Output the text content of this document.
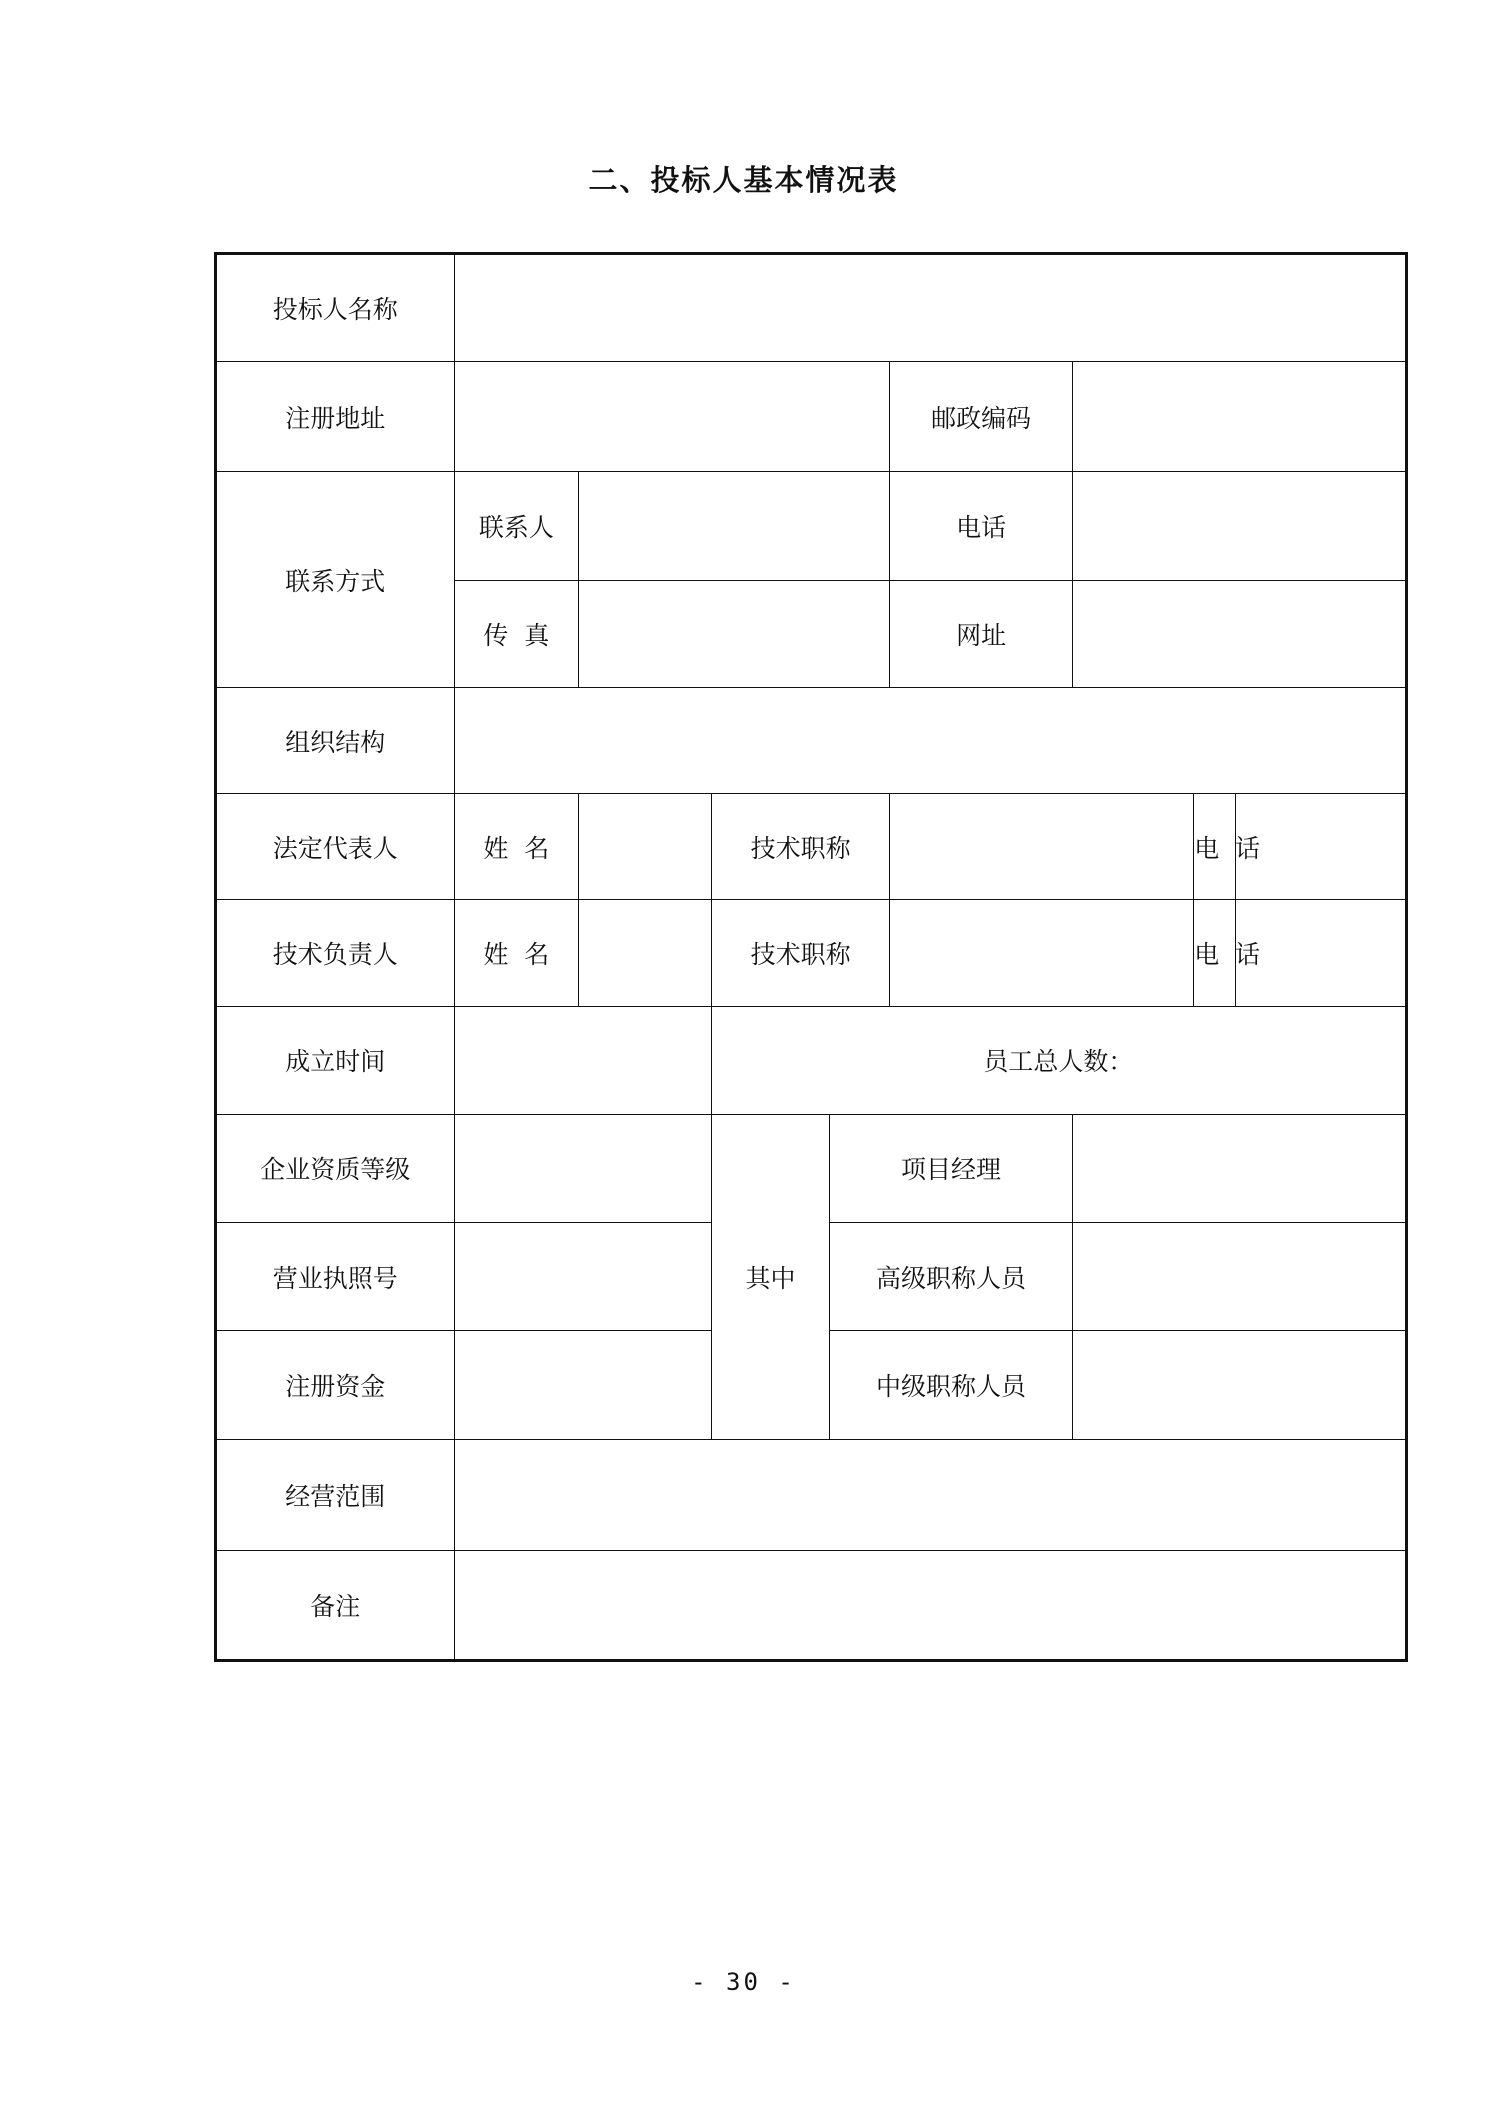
二、投标人基本情况表
投标人名称								
注册地址					邮政编码			
联系方式	联系人				电话			
	传  真				网址			
组织结构								
法定代表人	姓  名		技术职称				电  话	
技术负责人	姓  名		技术职称				电  话	
成立时间			员工总人数：					
企业资质等级			其中	项目经理				
营业执照号				高级职称人员				
注册资金				中级职称人员				
经营范围								
备注								
- 30 -
